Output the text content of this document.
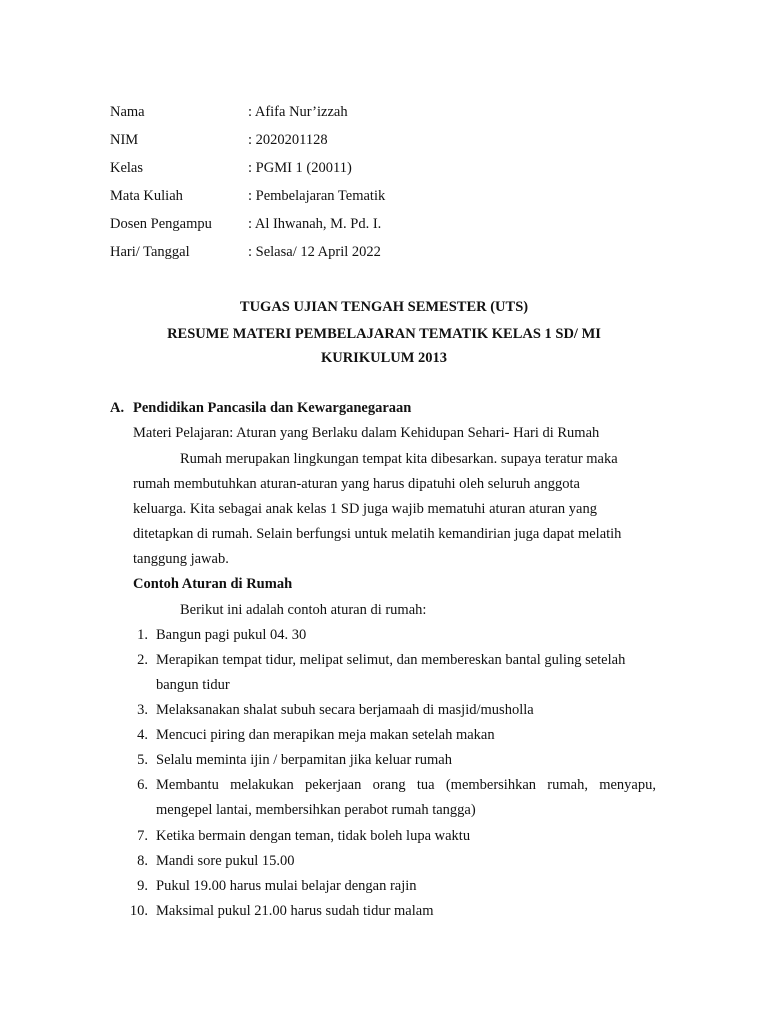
Nama	: Afifa Nur’izzah
NIM	: 2020201128
Kelas	: PGMI 1 (20011)
Mata Kuliah	: Pembelajaran Tematik
Dosen Pengampu : Al Ihwanah, M. Pd. I.
Hari/ Tanggal	: Selasa/ 12 April 2022
TUGAS UJIAN TENGAH SEMESTER (UTS)
RESUME MATERI PEMBELAJARAN TEMATIK KELAS 1 SD/ MI
KURIKULUM 2013
A. Pendidikan Pancasila dan Kewarganegaraan
Materi Pelajaran: Aturan yang Berlaku dalam Kehidupan Sehari- Hari di Rumah
Rumah merupakan lingkungan tempat kita dibesarkan. supaya teratur maka
rumah membutuhkan aturan-aturan yang harus dipatuhi oleh seluruh anggota
keluarga. Kita sebagai anak kelas 1 SD juga wajib mematuhi aturan aturan yang
ditetapkan di rumah. Selain berfungsi untuk melatih kemandirian juga dapat melatih
tanggung jawab.
Contoh Aturan di Rumah
Berikut ini adalah contoh aturan di rumah:
1. Bangun pagi pukul 04. 30
2. Merapikan tempat tidur, melipat selimut, dan membereskan bantal guling setelah
bangun tidur
3. Melaksanakan shalat subuh secara berjamaah di masjid/musholla
4. Mencuci piring dan merapikan meja makan setelah makan
5. Selalu meminta ijin / berpamitan jika keluar rumah
6. Membantu melakukan pekerjaan orang tua (membersihkan rumah, menyapu,
mengepel lantai, membersihkan perabot rumah tangga)
7. Ketika bermain dengan teman, tidak boleh lupa waktu
8. Mandi sore pukul 15.00
9. Pukul 19.00 harus mulai belajar dengan rajin
10. Maksimal pukul 21.00 harus sudah tidur malam
